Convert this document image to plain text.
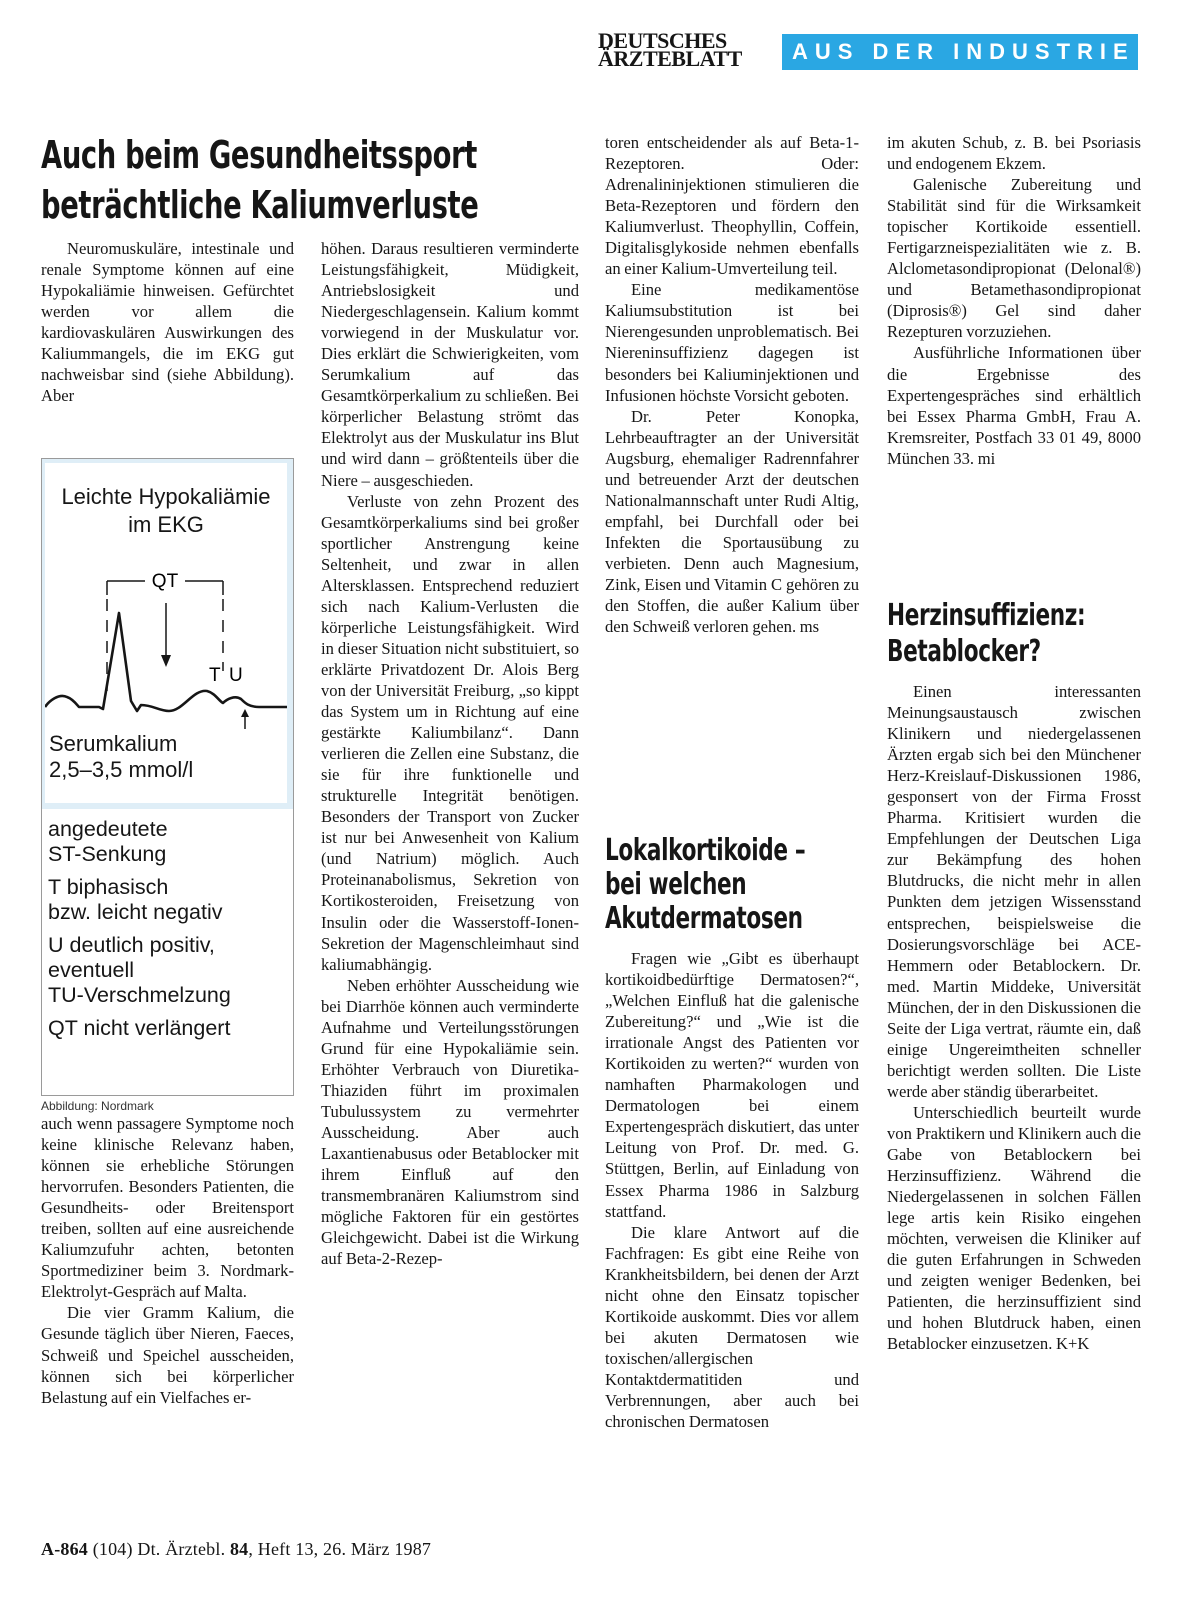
DEUTSCHES
ÄRZTEBLATT	AUS DER INDUSTRIE
Auch beim Gesundheitssport
beträchtliche Kaliumverluste

Neuromuskuläre, intestinale und renale Symptome können auf eine Hypokaliämie hinweisen. Gefürchtet werden vor allem die kardiovaskulären Auswirkungen des Kaliummangels, die im EKG gut nachweisbar sind (siehe Abbildung). Aber

Leichte Hypokaliämie
im EKG
QT
T U
Serumkalium
2,5–3,5 mmol/l
angedeutete
ST-Senkung
T biphasisch
bzw. leicht negativ
U deutlich positiv,
eventuell
TU-Verschmelzung
QT nicht verlängert
Abbildung: Nordmark

auch wenn passagere Symptome noch keine klinische Relevanz haben, können sie erhebliche Störungen hervorrufen. Besonders Patienten, die Gesundheits- oder Breitensport treiben, sollten auf eine ausreichende Kaliumzufuhr achten, betonten Sportmediziner beim 3. Nordmark-Elektrolyt-Gespräch auf Malta.

Die vier Gramm Kalium, die Gesunde täglich über Nieren, Faeces, Schweiß und Speichel ausscheiden, können sich bei körperlicher Belastung auf ein Vielfaches er-

höhen. Daraus resultieren verminderte Leistungsfähigkeit, Müdigkeit, Antriebslosigkeit und Niedergeschlagensein. Kalium kommt vorwiegend in der Muskulatur vor. Dies erklärt die Schwierigkeiten, vom Serumkalium auf das Gesamtkörperkalium zu schließen. Bei körperlicher Belastung strömt das Elektrolyt aus der Muskulatur ins Blut und wird dann – größtenteils über die Niere – ausgeschieden.

Verluste von zehn Prozent des Gesamtkörperkaliums sind bei großer sportlicher Anstrengung keine Seltenheit, und zwar in allen Altersklassen. Entsprechend reduziert sich nach Kalium-Verlusten die körperliche Leistungsfähigkeit. Wird in dieser Situation nicht substituiert, so erklärte Privatdozent Dr. Alois Berg von der Universität Freiburg, „so kippt das System um in Richtung auf eine gestärkte Kaliumbilanz“. Dann verlieren die Zellen eine Substanz, die sie für ihre funktionelle und strukturelle Integrität benötigen. Besonders der Transport von Zucker ist nur bei Anwesenheit von Kalium (und Natrium) möglich. Auch Proteinanabolismus, Sekretion von Kortikosteroiden, Freisetzung von Insulin oder die Wasserstoff-Ionen-Sekretion der Magenschleimhaut sind kaliumabhängig.

Neben erhöhter Ausscheidung wie bei Diarrhöe können auch verminderte Aufnahme und Verteilungsstörungen Grund für eine Hypokaliämie sein. Erhöhter Verbrauch von Diuretika-Thiaziden führt im proximalen Tubulussystem zu vermehrter Ausscheidung. Aber auch Laxantienabusus oder Betablocker mit ihrem Einfluß auf den transmembranären Kaliumstrom sind mögliche Faktoren für ein gestörtes Gleichgewicht. Dabei ist die Wirkung auf Beta-2-Rezep-

toren entscheidender als auf Beta-1-Rezeptoren. Oder: Adrenalininjektionen stimulieren die Beta-Rezeptoren und fördern den Kaliumverlust. Theophyllin, Coffein, Digitalisglykoside nehmen ebenfalls an einer Kalium-Umverteilung teil.

Eine medikamentöse Kaliumsubstitution ist bei Nierengesunden unproblematisch. Bei Niereninsuffizienz dagegen ist besonders bei Kaliuminjektionen und Infusionen höchste Vorsicht geboten.

Dr. Peter Konopka, Lehrbeauftragter an der Universität Augsburg, ehemaliger Radrennfahrer und betreuender Arzt der deutschen Nationalmannschaft unter Rudi Altig, empfahl, bei Durchfall oder bei Infekten die Sportausübung zu verbieten. Denn auch Magnesium, Zink, Eisen und Vitamin C gehören zu den Stoffen, die außer Kalium über den Schweiß verloren gehen. ms

Lokalkortikoide –
bei welchen
Akutdermatosen

Fragen wie „Gibt es überhaupt kortikoidbedürftige Dermatosen?“, „Welchen Einfluß hat die galenische Zubereitung?“ und „Wie ist die irrationale Angst des Patienten vor Kortikoiden zu werten?“ wurden von namhaften Pharmakologen und Dermatologen bei einem Expertengespräch diskutiert, das unter Leitung von Prof. Dr. med. G. Stüttgen, Berlin, auf Einladung von Essex Pharma 1986 in Salzburg stattfand.

Die klare Antwort auf die Fachfragen: Es gibt eine Reihe von Krankheitsbildern, bei denen der Arzt nicht ohne den Einsatz topischer Kortikoide auskommt. Dies vor allem bei akuten Dermatosen wie toxischen/allergischen Kontaktdermatitiden und Verbrennungen, aber auch bei chronischen Dermatosen

im akuten Schub, z. B. bei Psoriasis und endogenem Ekzem.

Galenische Zubereitung und Stabilität sind für die Wirksamkeit topischer Kortikoide essentiell. Fertigarzneispezialitäten wie z. B. Alclometasondipropionat (Delonal®) und Betamethasondipropionat (Diprosis®) Gel sind daher Rezepturen vorzuziehen.

Ausführliche Informationen über die Ergebnisse des Expertengespräches sind erhältlich bei Essex Pharma GmbH, Frau A. Kremsreiter, Postfach 33 01 49, 8000 München 33. mi

Herzinsuffizienz:
Betablocker?

Einen interessanten Meinungsaustausch zwischen Klinikern und niedergelassenen Ärzten ergab sich bei den Münchener Herz-Kreislauf-Diskussionen 1986, gesponsert von der Firma Frosst Pharma. Kritisiert wurden die Empfehlungen der Deutschen Liga zur Bekämpfung des hohen Blutdrucks, die nicht mehr in allen Punkten dem jetzigen Wissensstand entsprechen, beispielsweise die Dosierungsvorschläge bei ACE-Hemmern oder Betablockern. Dr. med. Martin Middeke, Universität München, der in den Diskussionen die Seite der Liga vertrat, räumte ein, daß einige Ungereimtheiten schneller berichtigt werden sollten. Die Liste werde aber ständig überarbeitet.

Unterschiedlich beurteilt wurde von Praktikern und Klinikern auch die Gabe von Betablockern bei Herzinsuffizienz. Während die Niedergelassenen in solchen Fällen lege artis kein Risiko eingehen möchten, verweisen die Kliniker auf die guten Erfahrungen in Schweden und zeigten weniger Bedenken, bei Patienten, die herzinsuffizient sind und hohen Blutdruck haben, einen Betablocker einzusetzen. K+K

A-864 (104) Dt. Ärztebl. 84, Heft 13, 26. März 1987
